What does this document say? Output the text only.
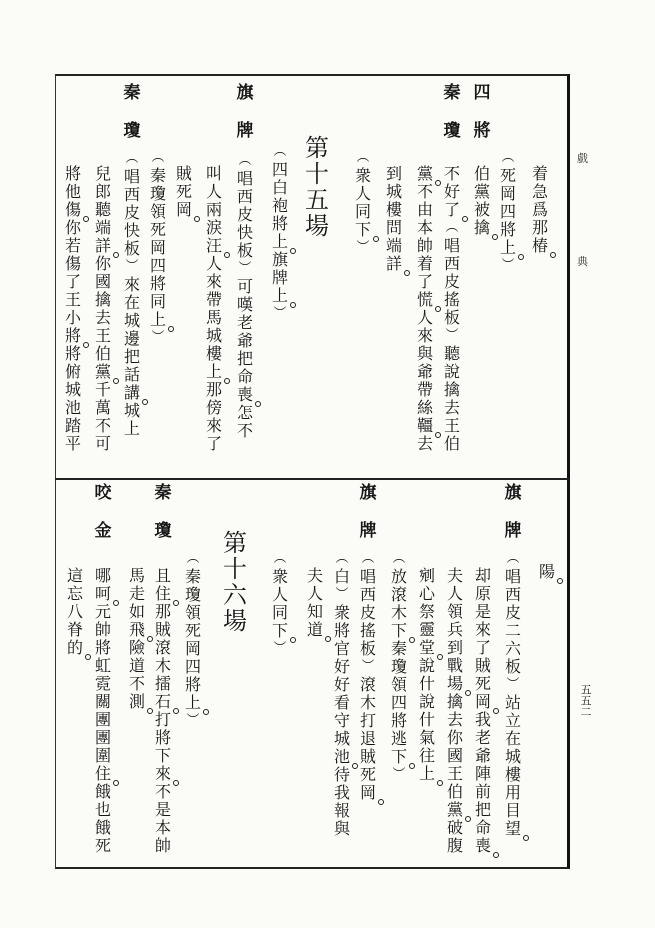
戲
典
五五二
着
急
爲
那
椿
四
將
︵
死
岡
四
將
上
︶
伯
黨
被
擒
秦
瓊
不
好
了
︵
唱
西
皮
搖
板
︶
聽
說
擒
去
王
伯
黨
不
由
本
帥
着
了
慌
人
來
與
爺
帶
絲
韁
去
到
城
樓
問
端
詳
︵
衆
人
同
下
︶
第
十
五
場
︵
四
白
袍
將
上
旗
牌
上
︶
旗
牌
︵
唱
西
皮
快
板
︶
可
嘆
老
爺
把
命
喪
怎
不
叫
人
兩
淚
汪
人
來
帶
馬
城
樓
上
那
傍
來
了
賊
死
岡
︵
秦
瓊
領
死
岡
四
將
同
上
︶
秦
瓊
︵
唱
西
皮
快
板
︶
來
在
城
邊
把
話
講
城
上
兒
郎
聽
端
詳
你
國
擒
去
王
伯
黨
千
萬
不
可
將
他
傷
你
若
傷
了
王
小
將
將
俯
城
池
踏
平
陽
旗
牌
︵
唱
西
皮
二
六
板
︶
站
立
在
城
樓
用
目
望
却
原
是
來
了
賊
死
岡
我
老
爺
陣
前
把
命
喪
夫
人
領
兵
到
戰
場
擒
去
你
國
王
伯
黨
破
腹
剜
心
祭
靈
堂
說
什
說
什
氣
往
上
︵
放
滾
木
下
秦
瓊
領
四
將
逃
下
︶
旗
牌
︵
唱
西
皮
搖
板
︶
滾
木
打
退
賊
死
岡
︵
白
︶
衆
將
官
好
好
看
守
城
池
待
我
報
與
夫
人
知
道
︵
衆
人
同
下
︶
第
十
六
場
︵
秦
瓊
領
死
岡
四
將
上
︶
秦
瓊
且
住
那
賊
滾
木
擂
石
打
將
下
來
不
是
本
帥
馬
走
如
飛
險
道
不
測
咬
金
哪
呵
元
帥
將
虹
霓
關
團
團
圍
住
餓
也
餓
死
這
忘
八
脊
的
